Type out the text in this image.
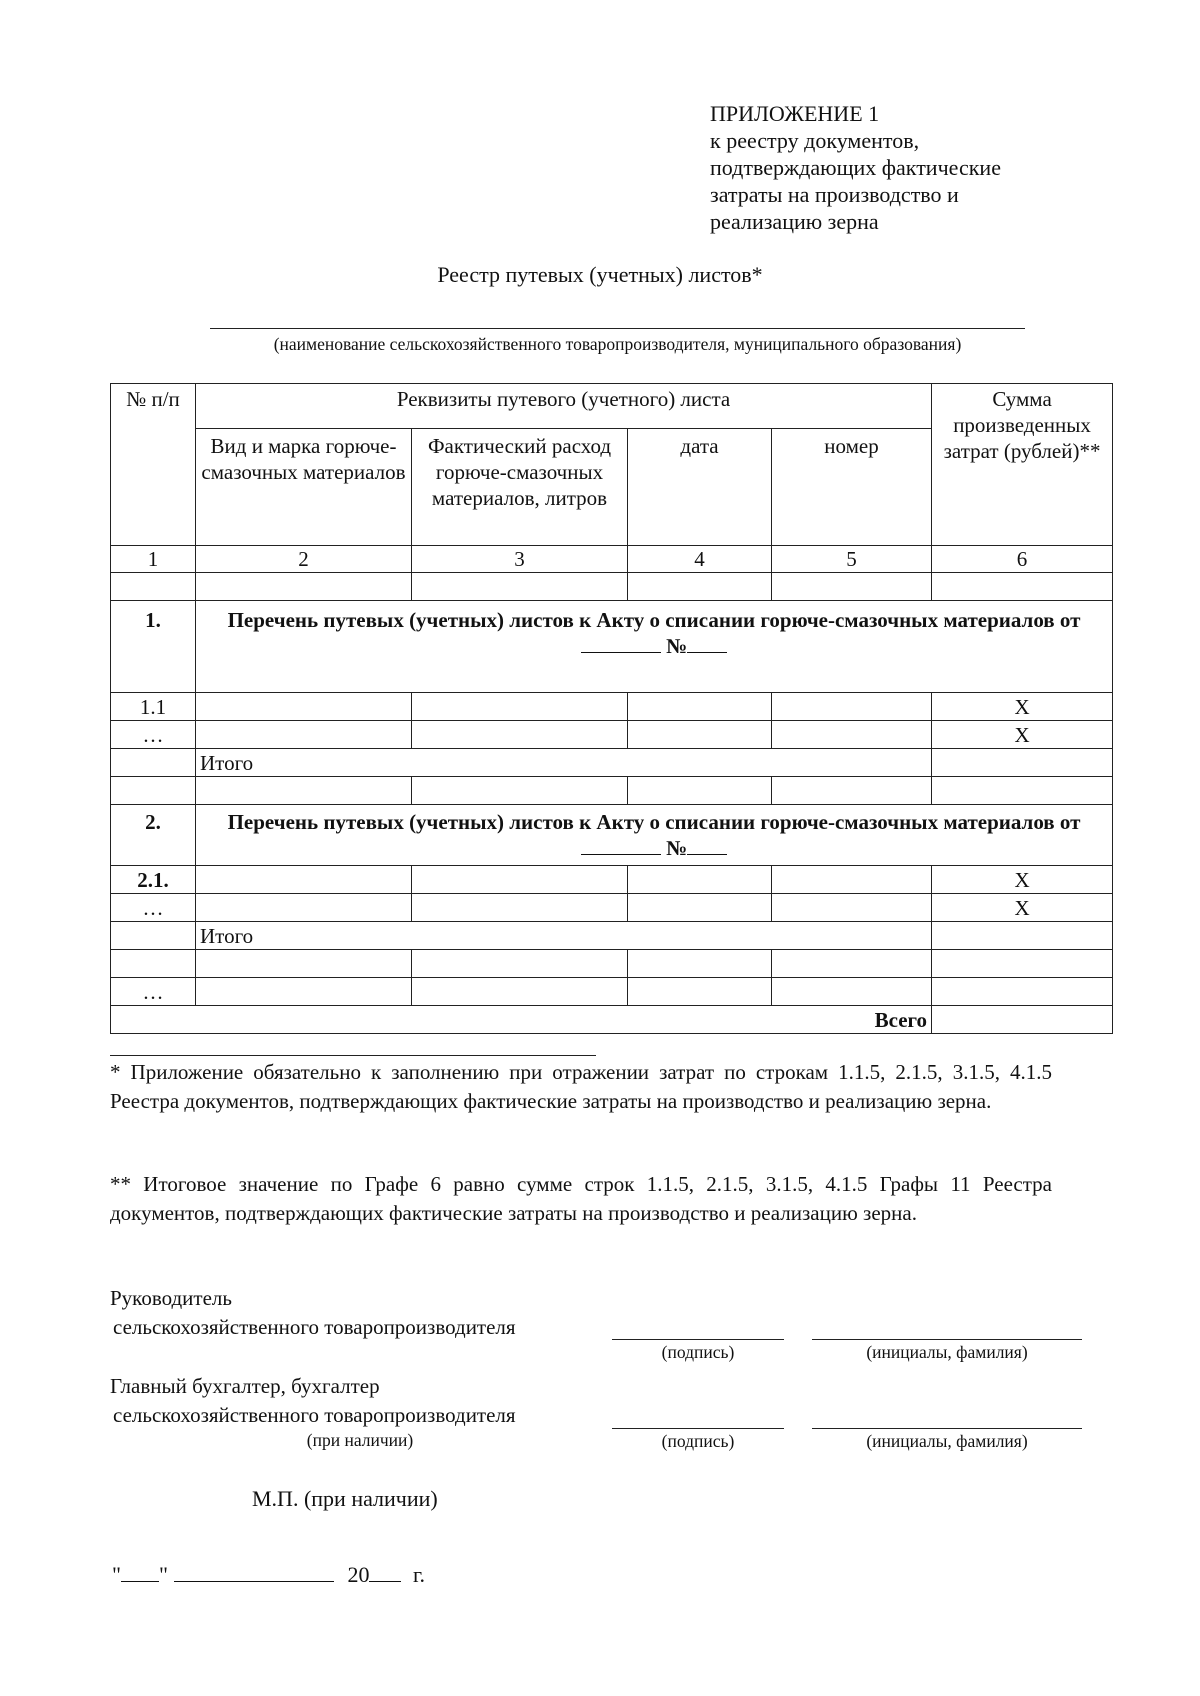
ПРИЛОЖЕНИЕ 1
к реестру документов,
подтверждающих фактические
затраты на производство и
реализацию зерна
Реестр путевых (учетных) листов*
(наименование сельскохозяйственного товаропроизводителя, муниципального образования)
№ п/п	Реквизиты путевого (учетного) листа				Сумма произведенных затрат (рублей)**
	Вид и марка горюче-смазочных материалов	Фактический расход горюче-смазочных материалов, литров	дата	номер	
1	2	3	4	5	6

1.	Перечень путевых (учетных) листов к Акту о списании горюче-смазочных материалов от  №				
1.1					Х
…					Х
	Итого				

2.	Перечень путевых (учетных) листов к Акту о списании горюче-смазочных материалов от  №				
2.1.					Х
…					Х
	Итого				

…					
Всего					
* Приложение обязательно к заполнению при отражении затрат по строкам 1.1.5, 2.1.5, 3.1.5, 4.1.5 Реестра документов, подтверждающих фактические затраты на производство и реализацию зерна.
** Итоговое значение по Графе 6 равно сумме строк 1.1.5, 2.1.5, 3.1.5, 4.1.5 Графы 11 Реестра документов, подтверждающих фактические затраты на производство и реализацию зерна.
Руководитель
сельскохозяйственного товаропроизводителя
(подпись)	(инициалы, фамилия)
Главный бухгалтер, бухгалтер
сельскохозяйственного товаропроизводителя
(при наличии)	(подпись)	(инициалы, фамилия)
М.П. (при наличии)
" "	20 г.
